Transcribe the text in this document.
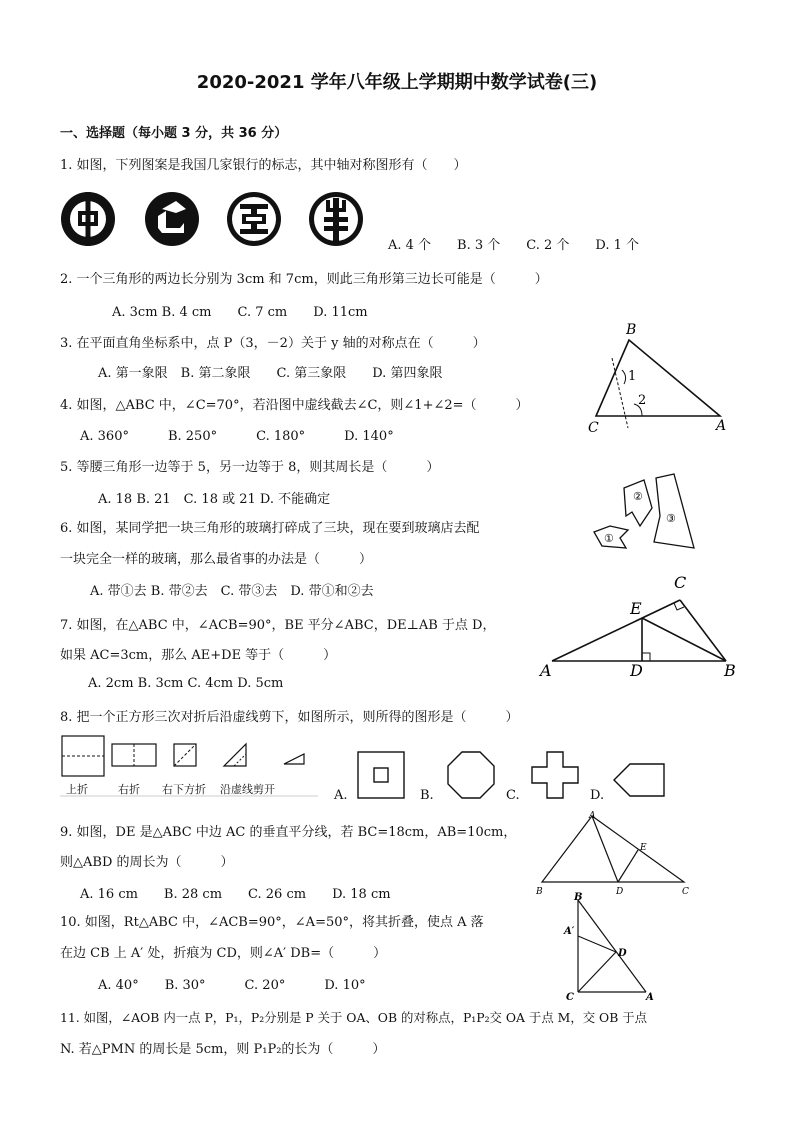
2020-2021 学年八年级上学期期中数学试卷(三)
一、选择题（每小题 3 分，共 36 分）
1. 如图，下列图案是我国几家银行的标志，其中轴对称图形有（　　）
A. 4 个　　B. 3 个　　C. 2 个　　D. 1 个
2. 一个三角形的两边长分别为 3cm 和 7cm，则此三角形第三边长可能是（　　　）
A. 3cm B. 4 cm　　C. 7 cm　　D. 11cm
3. 在平面直角坐标系中，点 P（3，－2）关于 y 轴的对称点在（　　　）
A. 第一象限　B. 第二象限　　C. 第三象限　　D. 第四象限
B
C	A
1
2
4. 如图，△ABC 中，∠C=70°，若沿图中虚线截去∠C，则∠1+∠2=（　　　）
A. 360°　　　B. 250°　　　C. 180°　　　D. 140°
5. 等腰三角形一边等于 5，另一边等于 8，则其周长是（　　　）
A. 18 B. 21　C. 18 或 21 D. 不能确定
6. 如图，某同学把一块三角形的玻璃打碎成了三块，现在要到玻璃店去配
一块完全一样的玻璃，那么最省事的办法是（　　　）
A. 带①去 B. 带②去　C. 带③去　D. 带①和②去
②
③
①
7. 如图，在△ABC 中，∠ACB=90°，BE 平分∠ABC，DE⊥AB 于点 D，
如果 AC=3cm，那么 AE+DE 等于（　　　）
A. 2cm B. 3cm C. 4cm D. 5cm
A	B
C
D
E
8. 把一个正方形三次对折后沿虚线剪下，如图所示，则所得的图形是（　　　）
上折	右折 右下方折 沿虚线剪开	A.	B.	C.	D.
9. 如图，DE 是△ABC 中边 AC 的垂直平分线，若 BC=18cm，AB=10cm，
则△ABD 的周长为（　　　）
A. 16 cm　　B. 28 cm　　C. 26 cm　　D. 18 cm
A
B	C
D
E
10. 如图，Rt△ABC 中，∠ACB=90°，∠A=50°，将其折叠，使点 A 落
在边 CB 上 A′ 处，折痕为 CD，则∠A′ DB=（　　　）
A. 40°　　B. 30°　　　C. 20°　　　D. 10°
B
A′
D
C	A
11. 如图，∠AOB 内一点 P，P₁，P₂分别是 P 关于 OA、OB 的对称点，P₁P₂交 OA 于点 M，交 OB 于点
N. 若△PMN 的周长是 5cm，则 P₁P₂的长为（　　　）
